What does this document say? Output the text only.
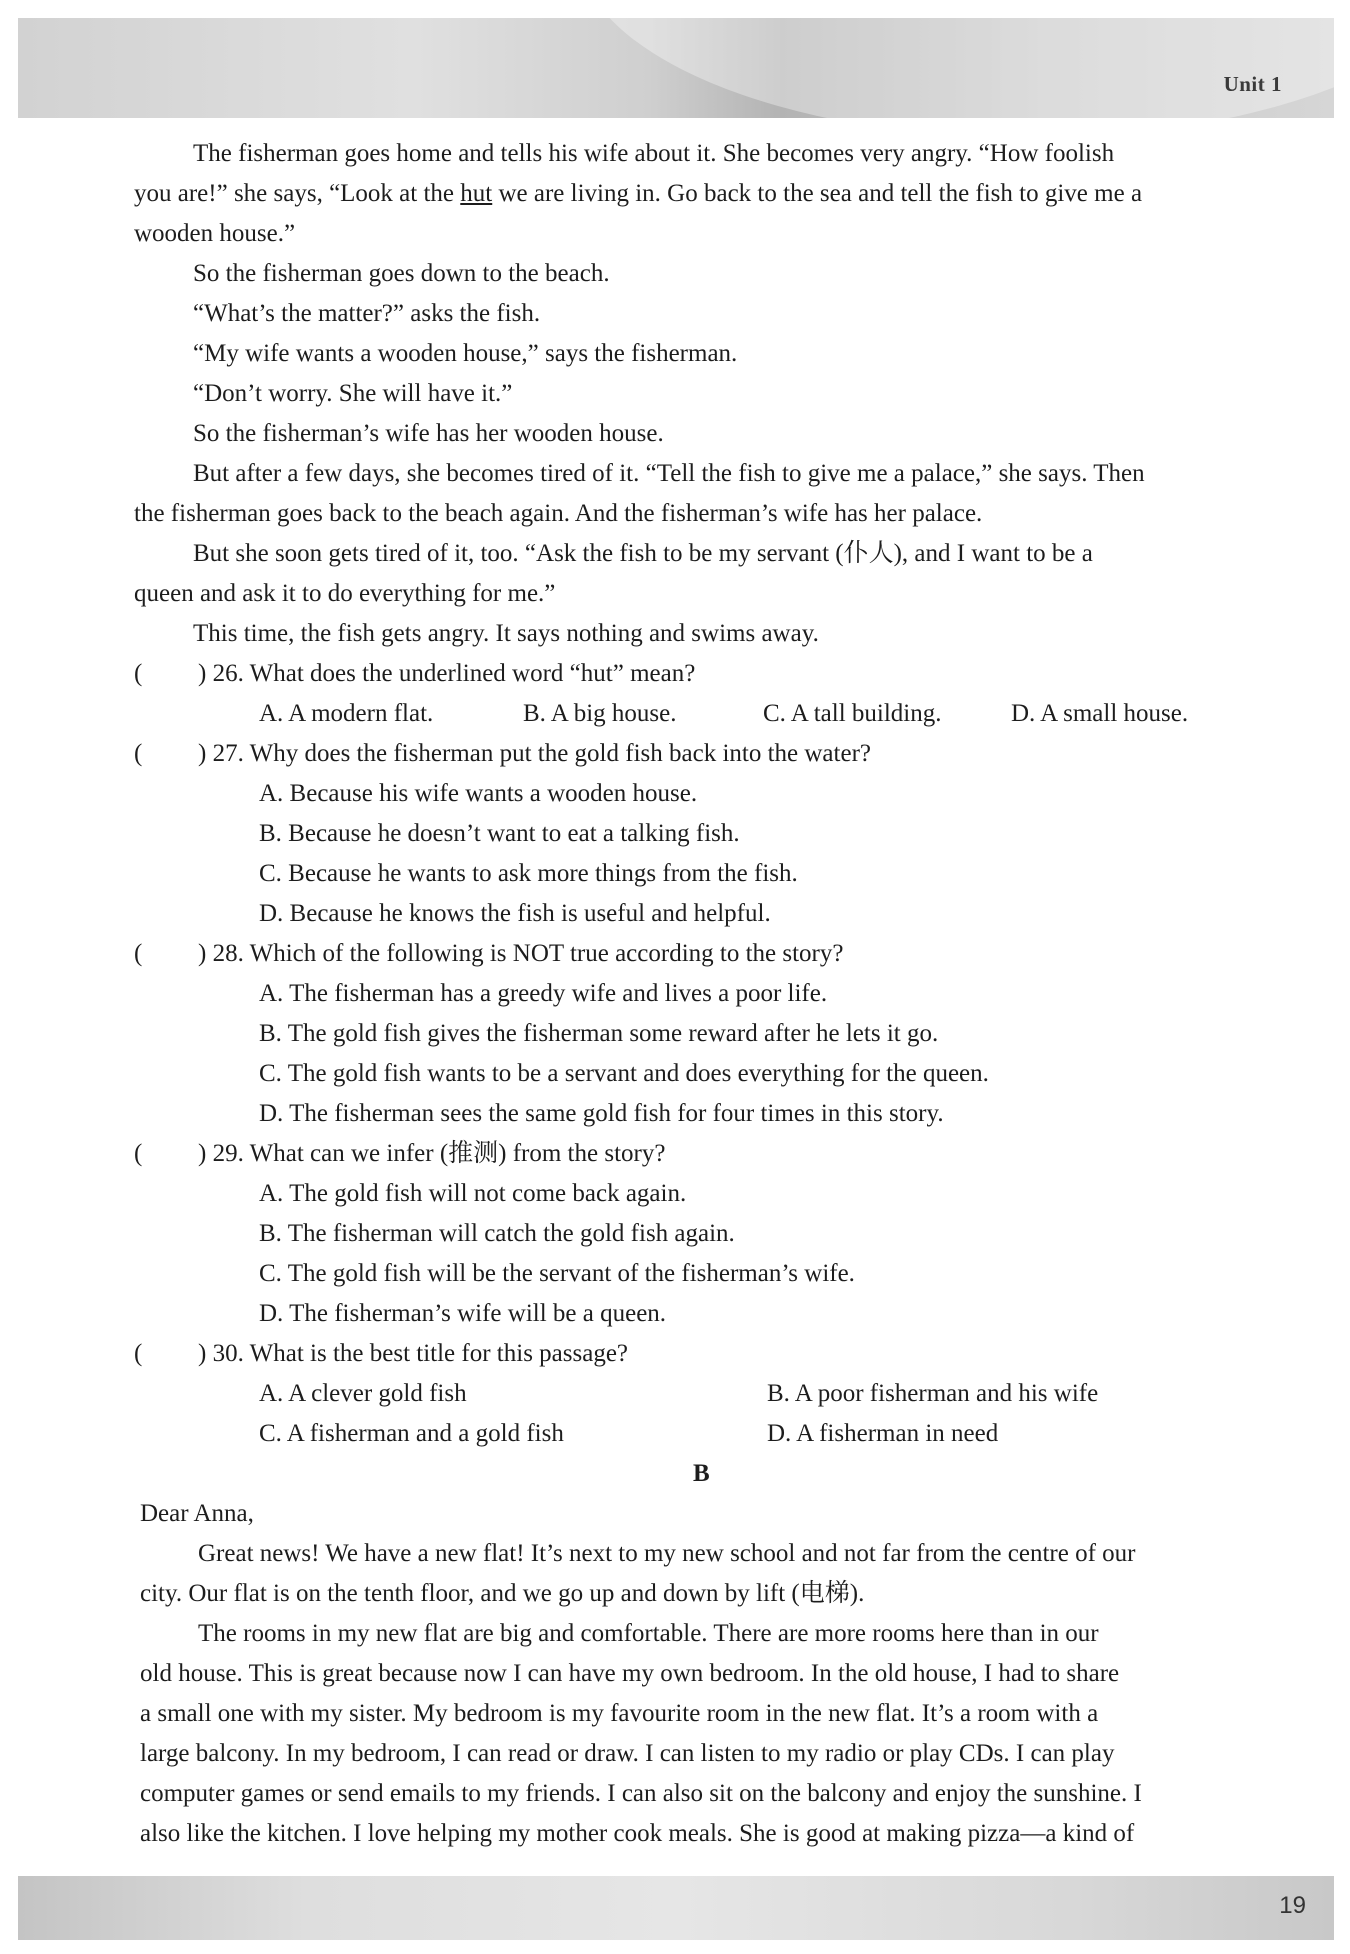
Unit 1
The fisherman goes home and tells his wife about it. She becomes very angry. “How foolish
you are!” she says, “Look at the hut we are living in. Go back to the sea and tell the fish to give me a
wooden house.”
So the fisherman goes down to the beach.
“What’s the matter?” asks the fish.
“My wife wants a wooden house,” says the fisherman.
“Don’t worry. She will have it.”
So the fisherman’s wife has her wooden house.
But after a few days, she becomes tired of it. “Tell the fish to give me a palace,” she says. Then
the fisherman goes back to the beach again. And the fisherman’s wife has her palace.
But she soon gets tired of it, too. “Ask the fish to be my servant (仆人), and I want to be a
queen and ask it to do everything for me.”
This time, the fish gets angry. It says nothing and swims away.
( ) 26. What does the underlined word “hut” mean?
A. A modern flat.	B. A big house.	C. A tall building.	D. A small house.
( ) 27. Why does the fisherman put the gold fish back into the water?
A. Because his wife wants a wooden house.
B. Because he doesn’t want to eat a talking fish.
C. Because he wants to ask more things from the fish.
D. Because he knows the fish is useful and helpful.
( ) 28. Which of the following is NOT true according to the story?
A. The fisherman has a greedy wife and lives a poor life.
B. The gold fish gives the fisherman some reward after he lets it go.
C. The gold fish wants to be a servant and does everything for the queen.
D. The fisherman sees the same gold fish for four times in this story.
( ) 29. What can we infer (推测) from the story?
A. The gold fish will not come back again.
B. The fisherman will catch the gold fish again.
C. The gold fish will be the servant of the fisherman’s wife.
D. The fisherman’s wife will be a queen.
( ) 30. What is the best title for this passage?
A. A clever gold fish	B. A poor fisherman and his wife
C. A fisherman and a gold fish	D. A fisherman in need
B
Dear Anna,
Great news! We have a new flat! It’s next to my new school and not far from the centre of our
city. Our flat is on the tenth floor, and we go up and down by lift (电梯).
The rooms in my new flat are big and comfortable. There are more rooms here than in our
old house. This is great because now I can have my own bedroom. In the old house, I had to share
a small one with my sister. My bedroom is my favourite room in the new flat. It’s a room with a
large balcony. In my bedroom, I can read or draw. I can listen to my radio or play CDs. I can play
computer games or send emails to my friends. I can also sit on the balcony and enjoy the sunshine. I
also like the kitchen. I love helping my mother cook meals. She is good at making pizza—a kind of
19
